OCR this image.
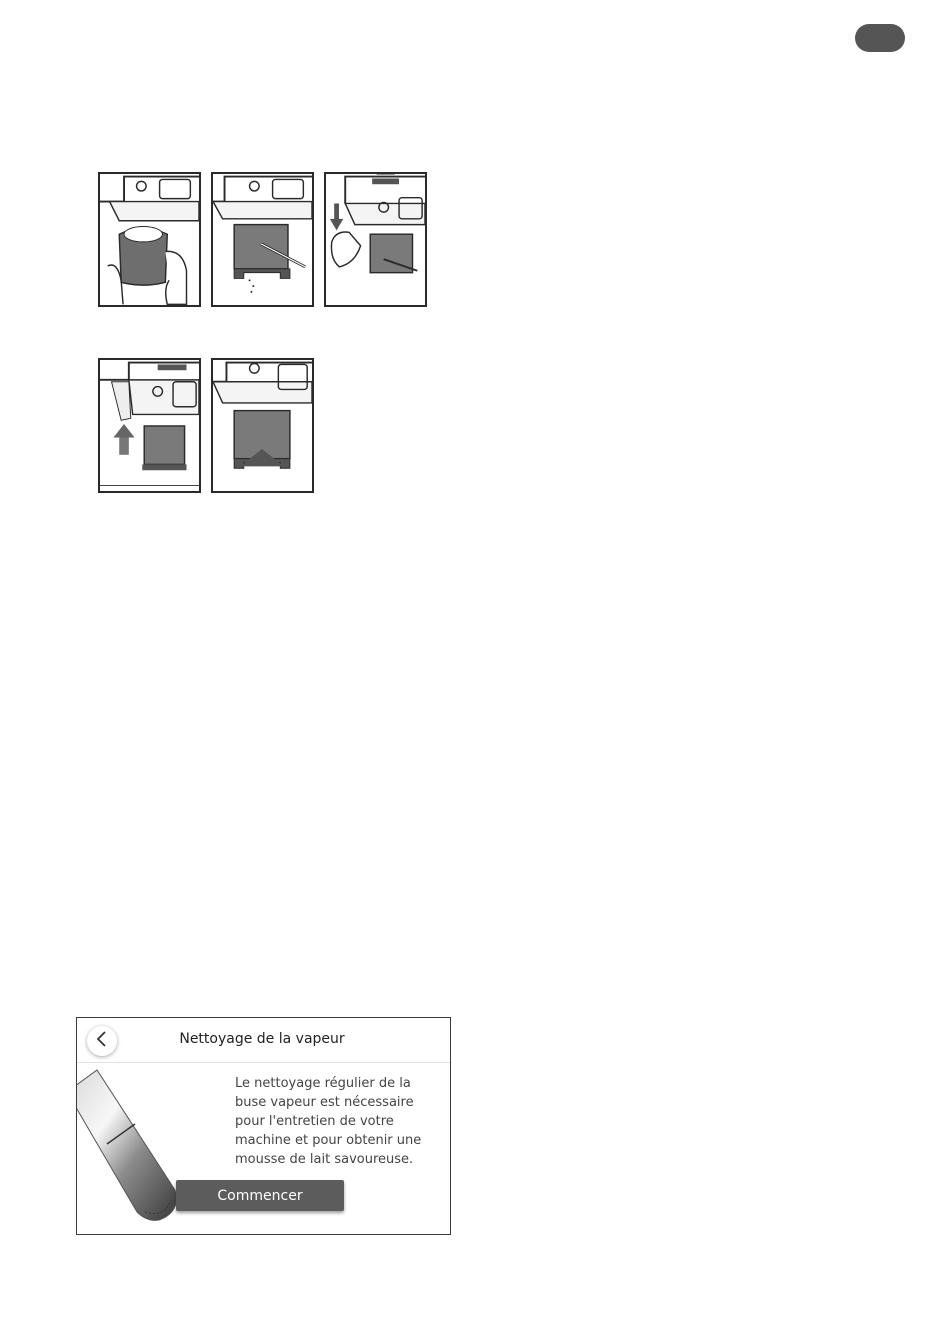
Nettoyage de la vapeur
Le nettoyage régulier de la buse vapeur est nécessaire pour l'entretien de votre machine et pour obtenir une mousse de lait savoureuse.
Commencer
